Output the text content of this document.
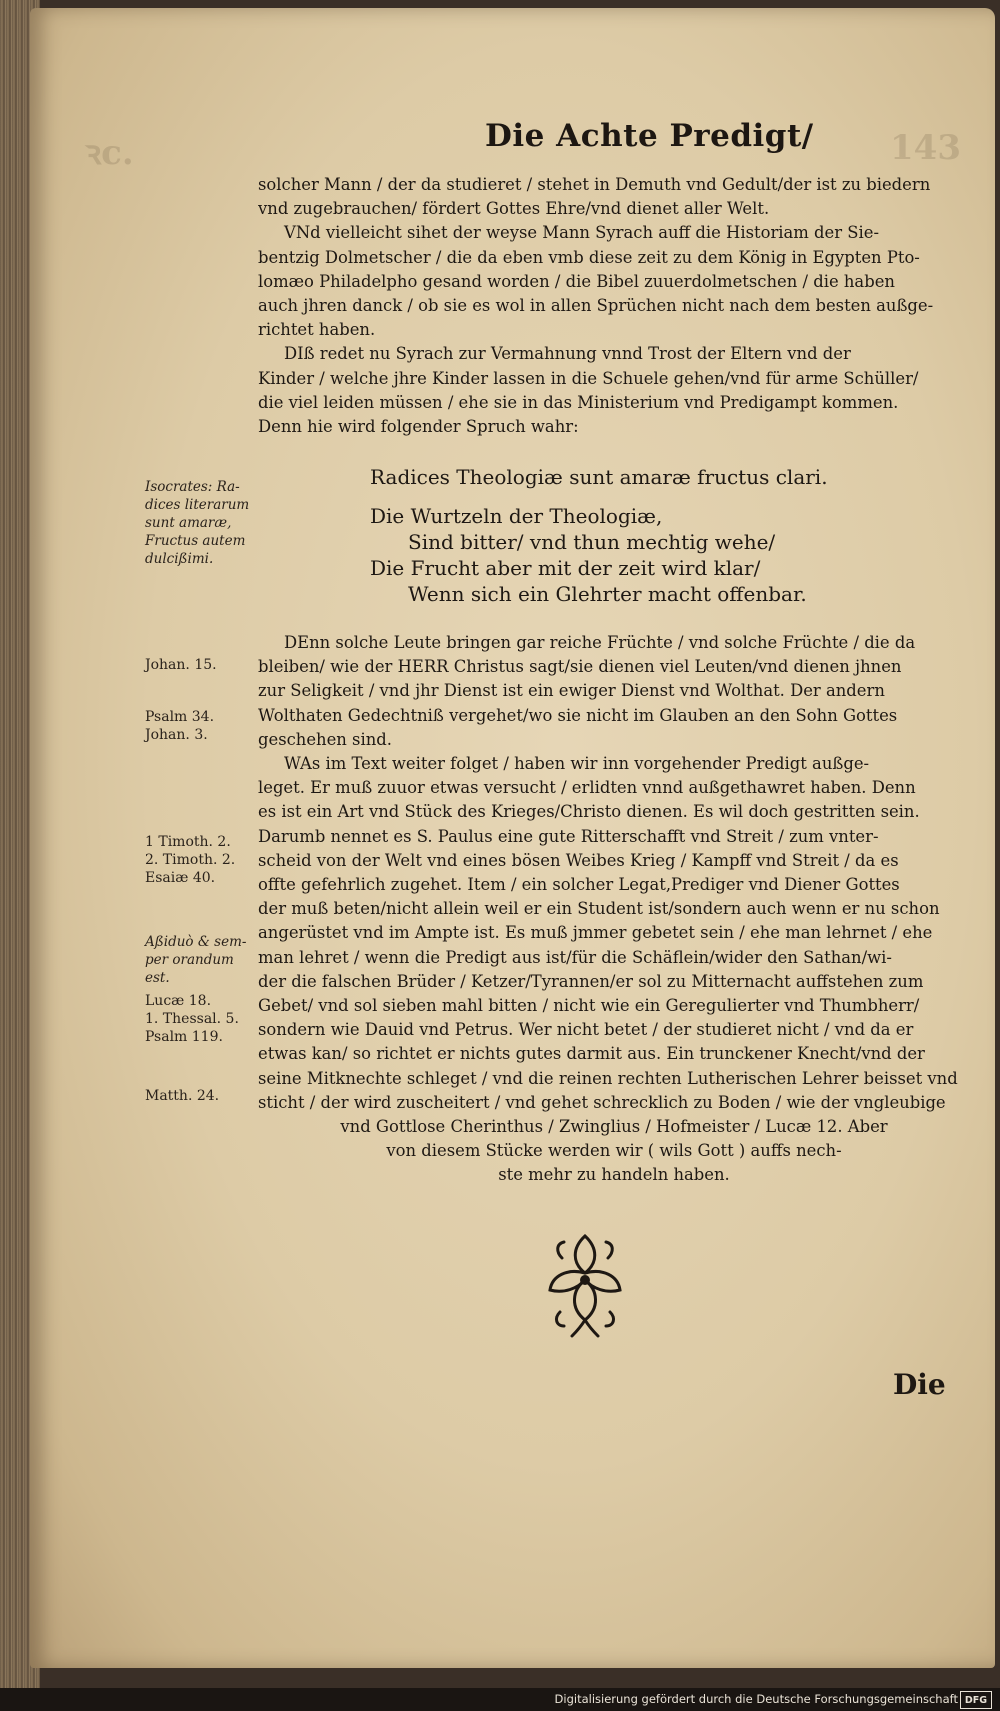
ꝛc.	143
Die Achte Predigt/
solcher Mann / der da studieret / stehet in Demuth vnd Gedult/der ist zu biedern
vnd zugebrauchen/ fördert Gottes Ehre/vnd dienet aller Welt.
VNd vielleicht sihet der weyse Mann Syrach auff die Historiam der Sie-
bentzig Dolmetscher / die da eben vmb diese zeit zu dem König in Egypten Pto-
lomæo Philadelpho gesand worden / die Bibel zuuerdolmetschen / die haben
auch jhren danck / ob sie es wol in allen Sprüchen nicht nach dem besten außge-
richtet haben.
DIß redet nu Syrach zur Vermahnung vnnd Trost der Eltern vnd der
Kinder / welche jhre Kinder lassen in die Schuele gehen/vnd für arme Schüller/
die viel leiden müssen / ehe sie in das Ministerium vnd Predigampt kommen.
Denn hie wird folgender Spruch wahr:
Radices Theologiæ sunt amaræ fructus clari.
Die Wurtzeln der Theologiæ,
Sind bitter/ vnd thun mechtig wehe/
Die Frucht aber mit der zeit wird klar/
Wenn sich ein Glehrter macht offenbar.
DEnn solche Leute bringen gar reiche Früchte / vnd solche Früchte / die da
bleiben/ wie der HERR Christus sagt/sie dienen viel Leuten/vnd dienen jhnen
zur Seligkeit / vnd jhr Dienst ist ein ewiger Dienst vnd Wolthat. Der andern
Wolthaten Gedechtniß vergehet/wo sie nicht im Glauben an den Sohn Gottes
geschehen sind.
WAs im Text weiter folget / haben wir inn vorgehender Predigt außge-
leget. Er muß zuuor etwas versucht / erlidten vnnd außgethawret haben. Denn
es ist ein Art vnd Stück des Krieges/Christo dienen. Es wil doch gestritten sein.
Darumb nennet es S. Paulus eine gute Ritterschafft vnd Streit / zum vnter-
scheid von der Welt vnd eines bösen Weibes Krieg / Kampff vnd Streit / da es
offte gefehrlich zugehet. Item / ein solcher Legat,Prediger vnd Diener Gottes
der muß beten/nicht allein weil er ein Student ist/sondern auch wenn er nu schon
angerüstet vnd im Ampte ist. Es muß jmmer gebetet sein / ehe man lehrnet / ehe
man lehret / wenn die Predigt aus ist/für die Schäflein/wider den Sathan/wi-
der die falschen Brüder / Ketzer/Tyrannen/er sol zu Mitternacht auffstehen zum
Gebet/ vnd sol sieben mahl bitten / nicht wie ein Geregulierter vnd Thumbherr/
sondern wie Dauid vnd Petrus. Wer nicht betet / der studieret nicht / vnd da er
etwas kan/ so richtet er nichts gutes darmit aus. Ein trunckener Knecht/vnd der
seine Mitknechte schleget / vnd die reinen rechten Lutherischen Lehrer beisset vnd
sticht / der wird zuscheitert / vnd gehet schrecklich zu Boden / wie der vngleubige
vnd Gottlose Cherinthus / Zwinglius / Hofmeister / Lucæ 12. Aber
von diesem Stücke werden wir ( wils Gott ) auffs nech-
ste mehr zu handeln haben.
Isocrates: Ra-
dices literarum
sunt amaræ,
Fructus autem
dulcißimi.
Johan. 15.
Psalm 34.
Johan. 3.
1 Timoth. 2.
2. Timoth. 2.
Esaiæ 40.
Aßiduò & sem-
per orandum
est.
Lucæ 18.
1. Thessal. 5.
Psalm 119.
Matth. 24.
Die
Digitalisierung gefördert durch die Deutsche Forschungsgemeinschaft DFG
